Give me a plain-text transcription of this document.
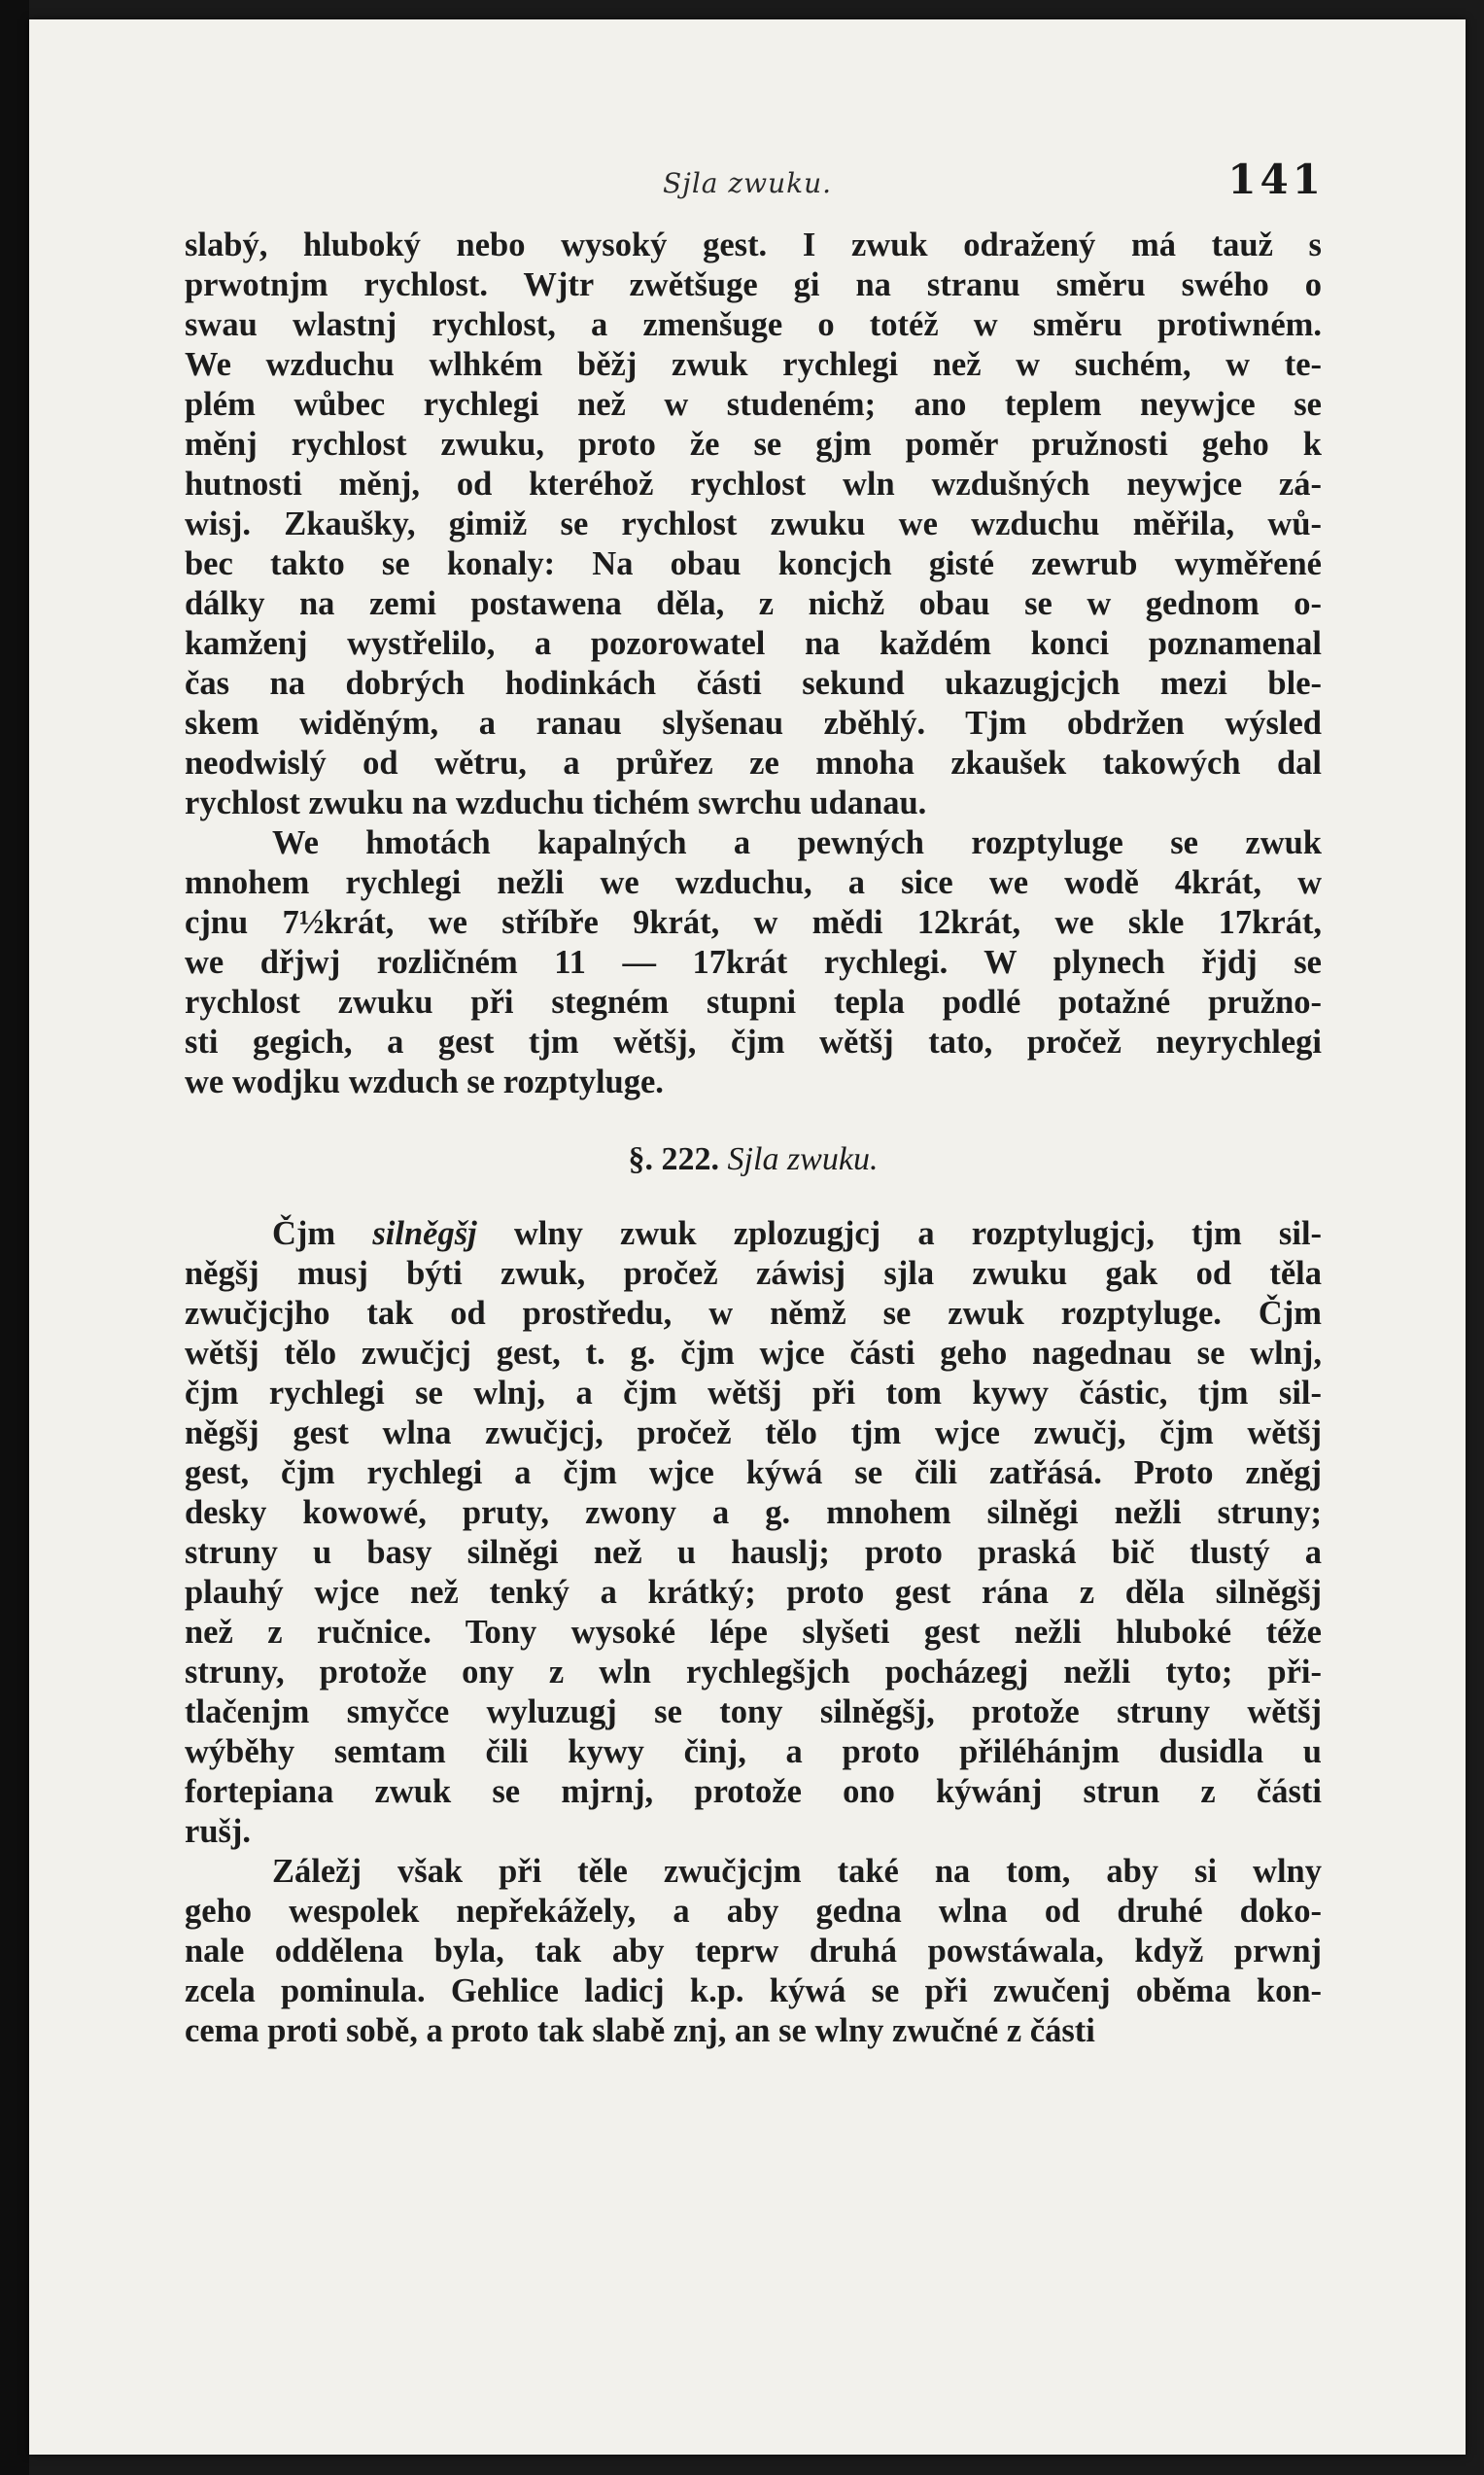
Sjla zwuku.	141

slabý, hluboký nebo wysoký gest. I zwuk odražený má tauž s
prwotnjm rychlost. Wjtr zwětšuge gi na stranu směru swého o
swau wlastnj rychlost, a zmenšuge o totéž w směru protiwném.
We wzduchu wlhkém běžj zwuk rychlegi než w suchém, w te-
plém wůbec rychlegi než w studeném; ano teplem neywjce se
měnj rychlost zwuku, proto že se gjm poměr pružnosti geho k
hutnosti měnj, od kteréhož rychlost wln wzdušných neywjce zá-
wisj. Zkaušky, gimiž se rychlost zwuku we wzduchu měřila, wů-
bec takto se konaly: Na obau koncjch gisté zewrub wyměřené
dálky na zemi postawena děla, z nichž obau se w gednom o-
kamženj wystřelilo, a pozorowatel na každém konci poznamenal
čas na dobrých hodinkách části sekund ukazugjcjch mezi ble-
skem widěným, a ranau slyšenau zběhlý. Tjm obdržen wýsled
neodwislý od wětru, a průřez ze mnoha zkaušek takowých dal
rychlost zwuku na wzduchu tichém swrchu udanau.

We hmotách kapalných a pewných rozptyluge se zwuk
mnohem rychlegi nežli we wzduchu, a sice we wodě 4krát, w
cjnu 7½krát, we stříbře 9krát, w mědi 12krát, we skle 17krát,
we dřjwj rozličném 11 — 17krát rychlegi. W plynech řjdj se
rychlost zwuku při stegném stupni tepla podlé potažné pružno-
sti gegich, a gest tjm wětšj, čjm wětšj tato, pročež neyrychlegi
we wodjku wzduch se rozptyluge.

§. 222. Sjla zwuku.

Čjm silněgšj wlny zwuk zplozugjcj a rozptylugjcj, tjm sil-
něgšj musj býti zwuk, pročež záwisj sjla zwuku gak od těla
zwučjcjho tak od prostředu, w němž se zwuk rozptyluge. Čjm
wětšj tělo zwučjcj gest, t. g. čjm wjce části geho nagednau se wlnj,
čjm rychlegi se wlnj, a čjm wětšj při tom kywy částic, tjm sil-
něgšj gest wlna zwučjcj, pročež tělo tjm wjce zwučj, čjm wětšj
gest, čjm rychlegi a čjm wjce kýwá se čili zatřásá. Proto zněgj
desky kowowé, pruty, zwony a g. mnohem silněgi nežli struny;
struny u basy silněgi než u hauslj; proto praská bič tlustý a
plauhý wjce než tenký a krátký; proto gest rána z děla silněgšj
než z ručnice. Tony wysoké lépe slyšeti gest nežli hluboké téže
struny, protože ony z wln rychlegšjch pocházegj nežli tyto; při-
tlačenjm smyčce wyluzugj se tony silněgšj, protože struny wětšj
wýběhy semtam čili kywy činj, a proto přiléhánjm dusidla u
fortepiana zwuk se mjrnj, protože ono kýwánj strun z části
rušj.

Záležj však při těle zwučjcjm také na tom, aby si wlny
geho wespolek nepřekážely, a aby gedna wlna od druhé doko-
nale oddělena byla, tak aby teprw druhá powstáwala, když prwnj
zcela pominula. Gehlice ladicj k.p. kýwá se při zwučenj oběma kon-
cema proti sobě, a proto tak slabě znj, an se wlny zwučné z části
